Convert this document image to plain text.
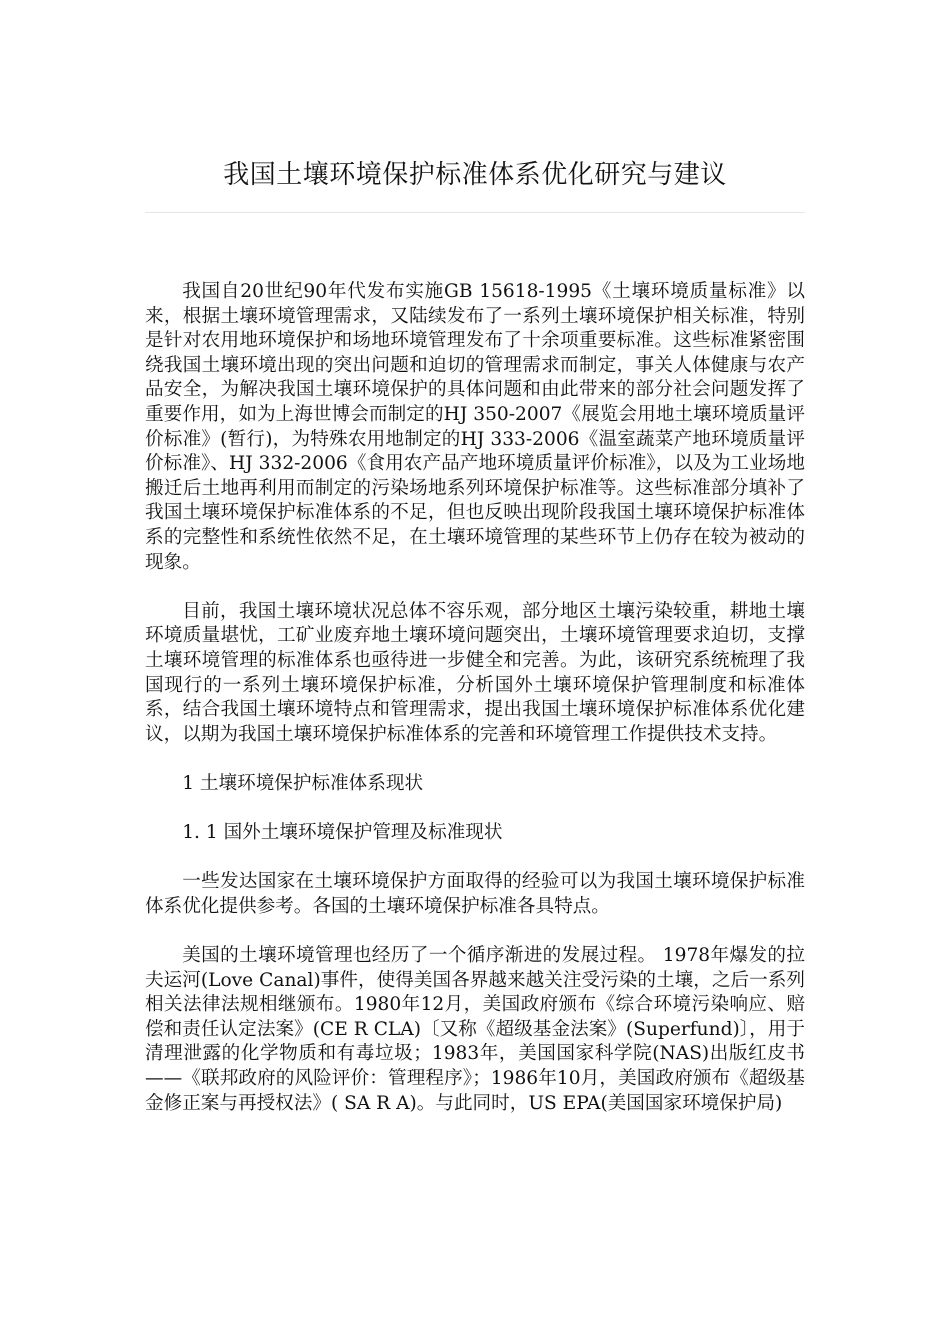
我国土壤环境保护标准体系优化研究与建议

我国自20世纪90年代发布实施GB 15618-1995《土壤环境质量标准》以来，根据土壤环境管理需求，又陆续发布了一系列土壤环境保护相关标准，特别是针对农用地环境保护和场地环境管理发布了十余项重要标准。这些标准紧密围绕我国土壤环境出现的突出问题和迫切的管理需求而制定，事关人体健康与农产品安全，为解决我国土壤环境保护的具体问题和由此带来的部分社会问题发挥了重要作用，如为上海世博会而制定的HJ 350-2007《展览会用地土壤环境质量评价标准》(暂行)，为特殊农用地制定的HJ 333-2006《温室蔬菜产地环境质量评价标准》、HJ 332-2006《食用农产品产地环境质量评价标准》，以及为工业场地搬迁后土地再利用而制定的污染场地系列环境保护标准等。这些标准部分填补了我国土壤环境保护标准体系的不足，但也反映出现阶段我国土壤环境保护标准体系的完整性和系统性依然不足，在土壤环境管理的某些环节上仍存在较为被动的现象。

目前，我国土壤环境状况总体不容乐观，部分地区土壤污染较重，耕地土壤环境质量堪忧，工矿业废弃地土壤环境问题突出，土壤环境管理要求迫切，支撑土壤环境管理的标准体系也亟待进一步健全和完善。为此，该研究系统梳理了我国现行的一系列土壤环境保护标准，分析国外土壤环境保护管理制度和标准体系，结合我国土壤环境特点和管理需求，提出我国土壤环境保护标准体系优化建议，以期为我国土壤环境保护标准体系的完善和环境管理工作提供技术支持。

1 土壤环境保护标准体系现状

1. 1 国外土壤环境保护管理及标准现状

一些发达国家在土壤环境保护方面取得的经验可以为我国土壤环境保护标准体系优化提供参考。各国的土壤环境保护标准各具特点。

美国的土壤环境管理也经历了一个循序渐进的发展过程。 1978年爆发的拉夫运河(Love Canal)事件，使得美国各界越来越关注受污染的土壤，之后一系列相关法律法规相继颁布。1980年12月，美国政府颁布《综合环境污染响应、赔偿和责任认定法案》(CE R CLA)〔又称《超级基金法案》(Superfund)〕，用于清理泄露的化学物质和有毒垃圾；1983年，美国国家科学院(NAS)出版红皮书——《联邦政府的风险评价：管理程序》；1986年10月，美国政府颁布《超级基金修正案与再授权法》( SA R A)。与此同时，US EPA(美国国家环境保护局)
